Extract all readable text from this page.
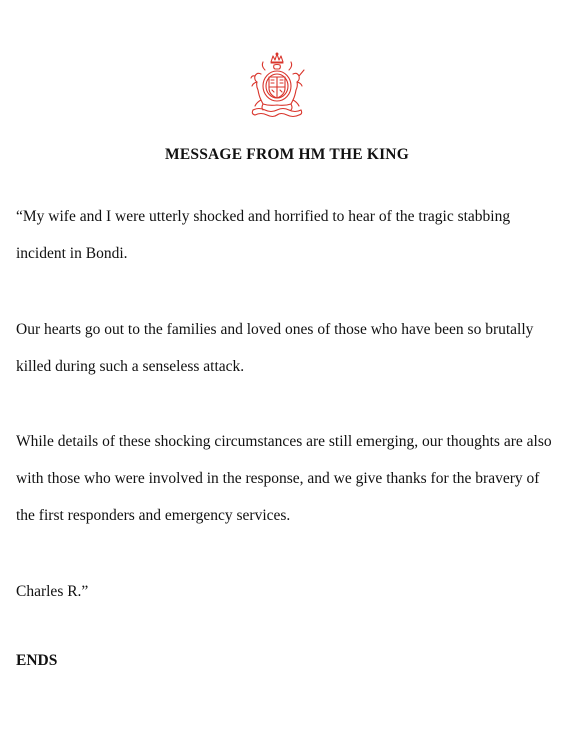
MESSAGE FROM HM THE KING

“My wife and I were utterly shocked and horrified to hear of the tragic stabbing incident in Bondi.

Our hearts go out to the families and loved ones of those who have been so brutally killed during such a senseless attack.

While details of these shocking circumstances are still emerging, our thoughts are also with those who were involved in the response, and we give thanks for the bravery of the first responders and emergency services.

Charles R.”

ENDS
